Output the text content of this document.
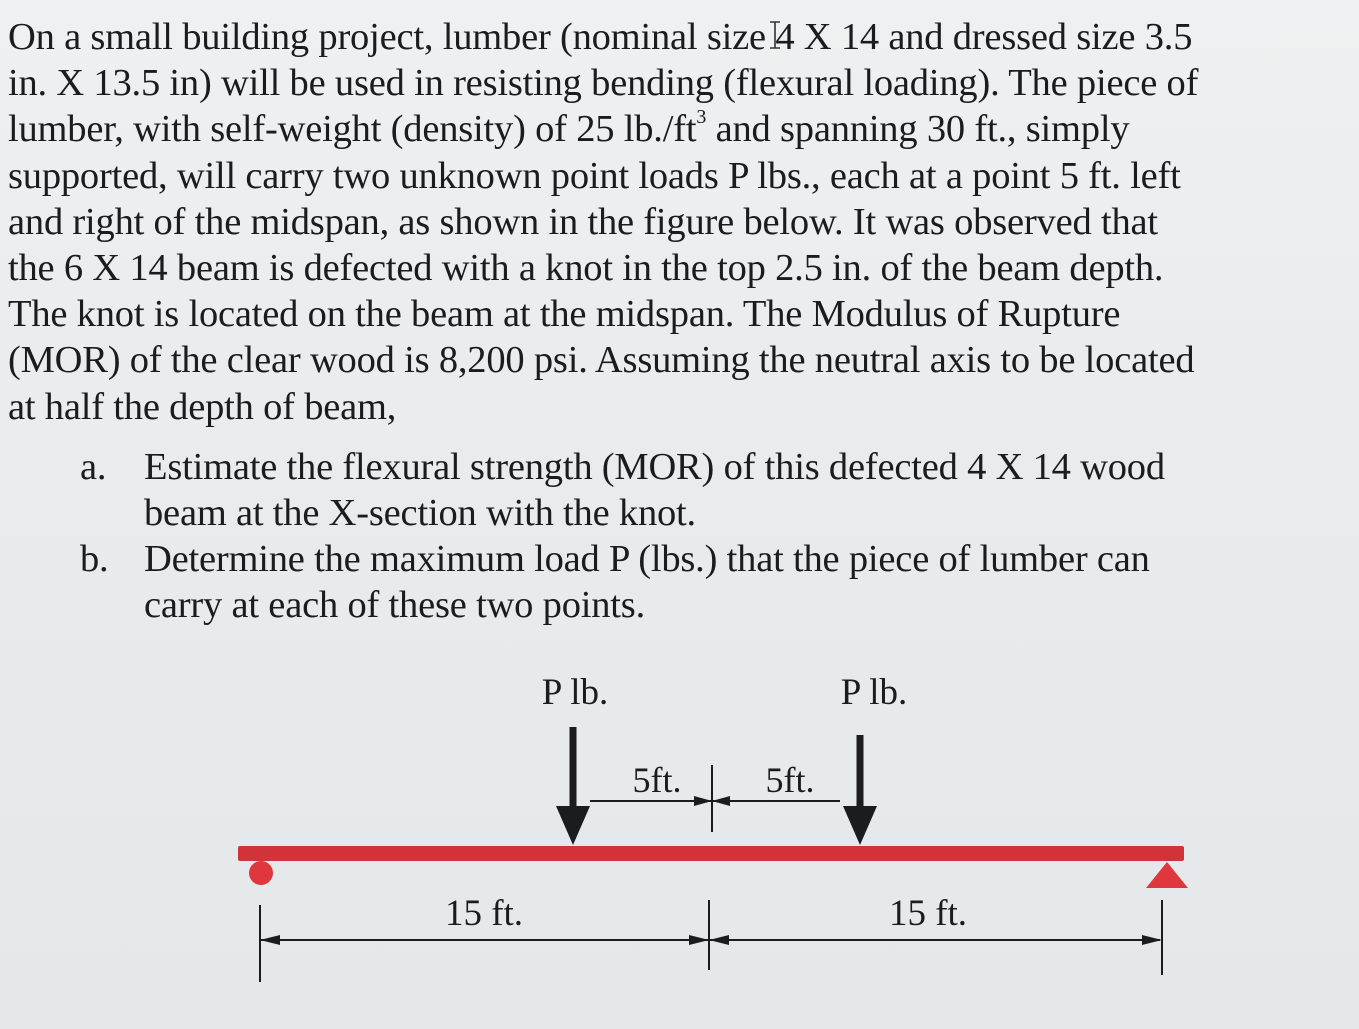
On a small building project, lumber (nominal size 4 X 14 and dressed size 3.5
in. X 13.5 in) will be used in resisting bending (flexural loading). The piece of
lumber, with self-weight (density) of 25 $lb./ft^3$ and spanning 30 ft., simply
supported, will carry two unknown point loads P lbs., each at a point 5 ft. left
and right of the midspan, as shown in the figure below. It was observed that
the 6 X 14 beam is defected with a knot in the top 2.5 in. of the beam depth.
The knot is located on the beam at the midspan. The Modulus of Rupture
(MOR) of the clear wood is 8,200 psi. Assuming the neutral axis to be located
at half the depth of beam,
a. Estimate the flexural strength (MOR) of this defected 4 X 14 wood
beam at the X-section with the knot.
b. Determine the maximum load P (lbs.) that the piece of lumber can
carry at each of these two points.
P lb.	P lb.
5ft. 5ft.
15 ft.	15 ft.
